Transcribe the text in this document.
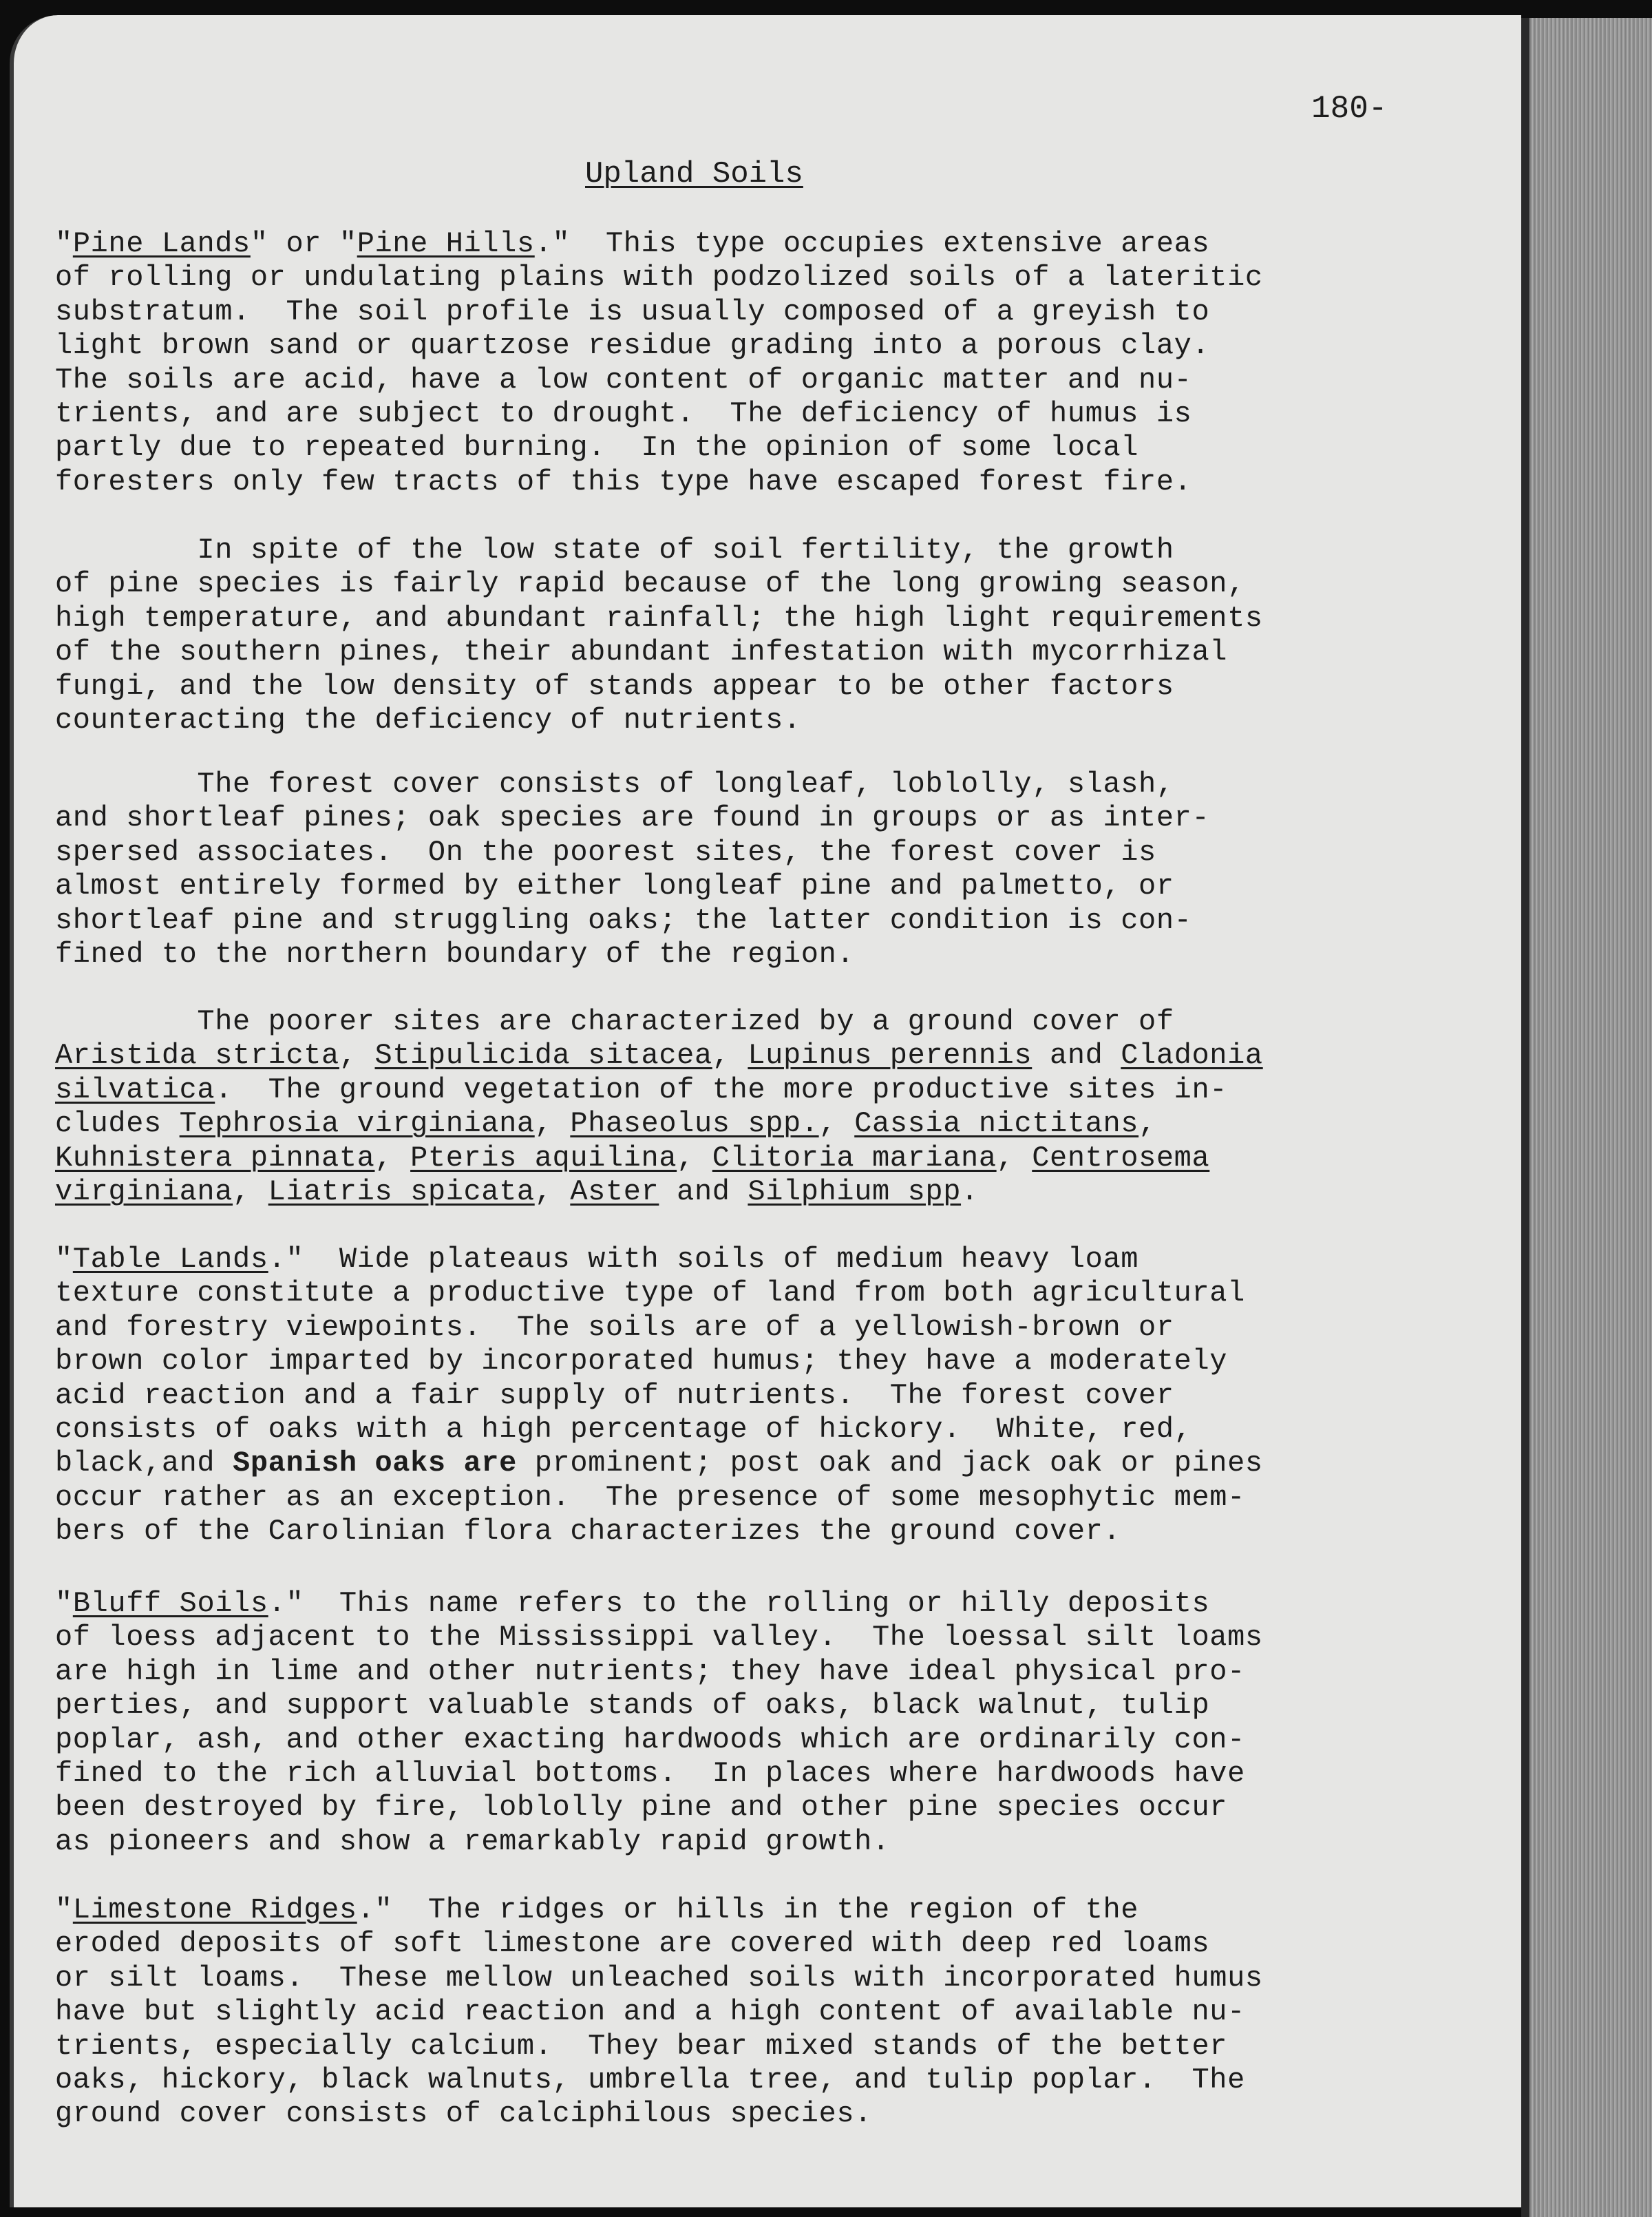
180-
Upland Soils
"Pine Lands" or "Pine Hills."  This type occupies extensive areas
of rolling or undulating plains with podzolized soils of a lateritic
substratum.  The soil profile is usually composed of a greyish to
light brown sand or quartzose residue grading into a porous clay.
The soils are acid, have a low content of organic matter and nu-
trients, and are subject to drought.  The deficiency of humus is
partly due to repeated burning.  In the opinion of some local
foresters only few tracts of this type have escaped forest fire.
In spite of the low state of soil fertility, the growth
of pine species is fairly rapid because of the long growing season,
high temperature, and abundant rainfall; the high light requirements
of the southern pines, their abundant infestation with mycorrhizal
fungi, and the low density of stands appear to be other factors
counteracting the deficiency of nutrients.
The forest cover consists of longleaf, loblolly, slash,
and shortleaf pines; oak species are found in groups or as inter-
spersed associates.  On the poorest sites, the forest cover is
almost entirely formed by either longleaf pine and palmetto, or
shortleaf pine and struggling oaks; the latter condition is con-
fined to the northern boundary of the region.
The poorer sites are characterized by a ground cover of
Aristida stricta, Stipulicida sitacea, Lupinus perennis and Cladonia
silvatica.  The ground vegetation of the more productive sites in-
cludes Tephrosia virginiana, Phaseolus spp., Cassia nictitans,
Kuhnistera pinnata, Pteris aquilina, Clitoria mariana, Centrosema
virginiana, Liatris spicata, Aster and Silphium spp.
"Table Lands."  Wide plateaus with soils of medium heavy loam
texture constitute a productive type of land from both agricultural
and forestry viewpoints.  The soils are of a yellowish-brown or
brown color imparted by incorporated humus; they have a moderately
acid reaction and a fair supply of nutrients.  The forest cover
consists of oaks with a high percentage of hickory.  White, red,
black,and Spanish oaks are prominent; post oak and jack oak or pines
occur rather as an exception.  The presence of some mesophytic mem-
bers of the Carolinian flora characterizes the ground cover.
"Bluff Soils."  This name refers to the rolling or hilly deposits
of loess adjacent to the Mississippi valley.  The loessal silt loams
are high in lime and other nutrients; they have ideal physical pro-
perties, and support valuable stands of oaks, black walnut, tulip
poplar, ash, and other exacting hardwoods which are ordinarily con-
fined to the rich alluvial bottoms.  In places where hardwoods have
been destroyed by fire, loblolly pine and other pine species occur
as pioneers and show a remarkably rapid growth.
"Limestone Ridges."  The ridges or hills in the region of the
eroded deposits of soft limestone are covered with deep red loams
or silt loams.  These mellow unleached soils with incorporated humus
have but slightly acid reaction and a high content of available nu-
trients, especially calcium.  They bear mixed stands of the better
oaks, hickory, black walnuts, umbrella tree, and tulip poplar.  The
ground cover consists of calciphilous species.
